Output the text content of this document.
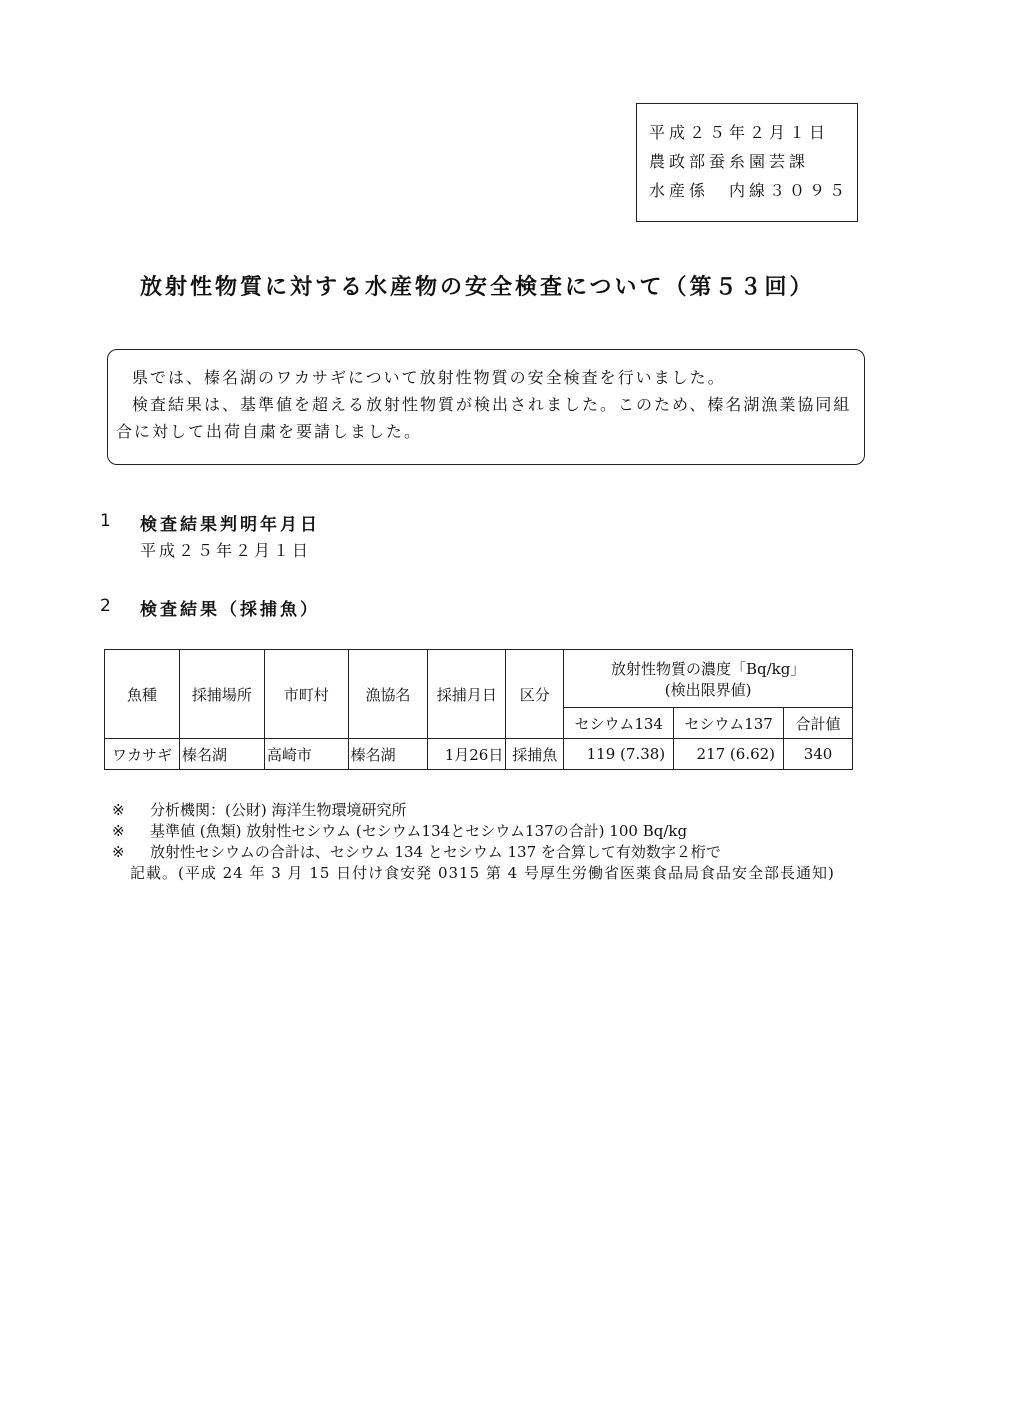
平成２５年２月１日
農政部蚕糸園芸課
水産係　内線３０９５
放射性物質に対する水産物の安全検査について（第５３回）

県では、榛名湖のワカサギについて放射性物質の安全検査を行いました。

検査結果は、基準値を超える放射性物質が検出されました。このため、榛名湖漁業協同組合に対して出荷自粛を要請しました。

1 検査結果判明年月日
平成２５年２月１日
2 検査結果（採捕魚）
魚種	採捕場所	市町村	漁協名	採捕月日	区分	放射性物質の濃度「Bq/kg」
(検出限界値)		

						セシウム134	セシウム137	合計値
ワカサギ	榛名湖	高崎市	榛名湖	1月26日	採捕魚	119 (7.38)	217 (6.62)	340
※	分析機関：(公財) 海洋生物環境研究所
※	基準値 (魚類) 放射性セシウム (セシウム134とセシウム137の合計) 100 Bq/kg
※	放射性セシウムの合計は、セシウム 134 とセシウム 137 を合算して有効数字２桁で
記載。(平成 24 年 3 月 15 日付け食安発 0315 第 4 号厚生労働省医薬食品局食品安全部長通知)
